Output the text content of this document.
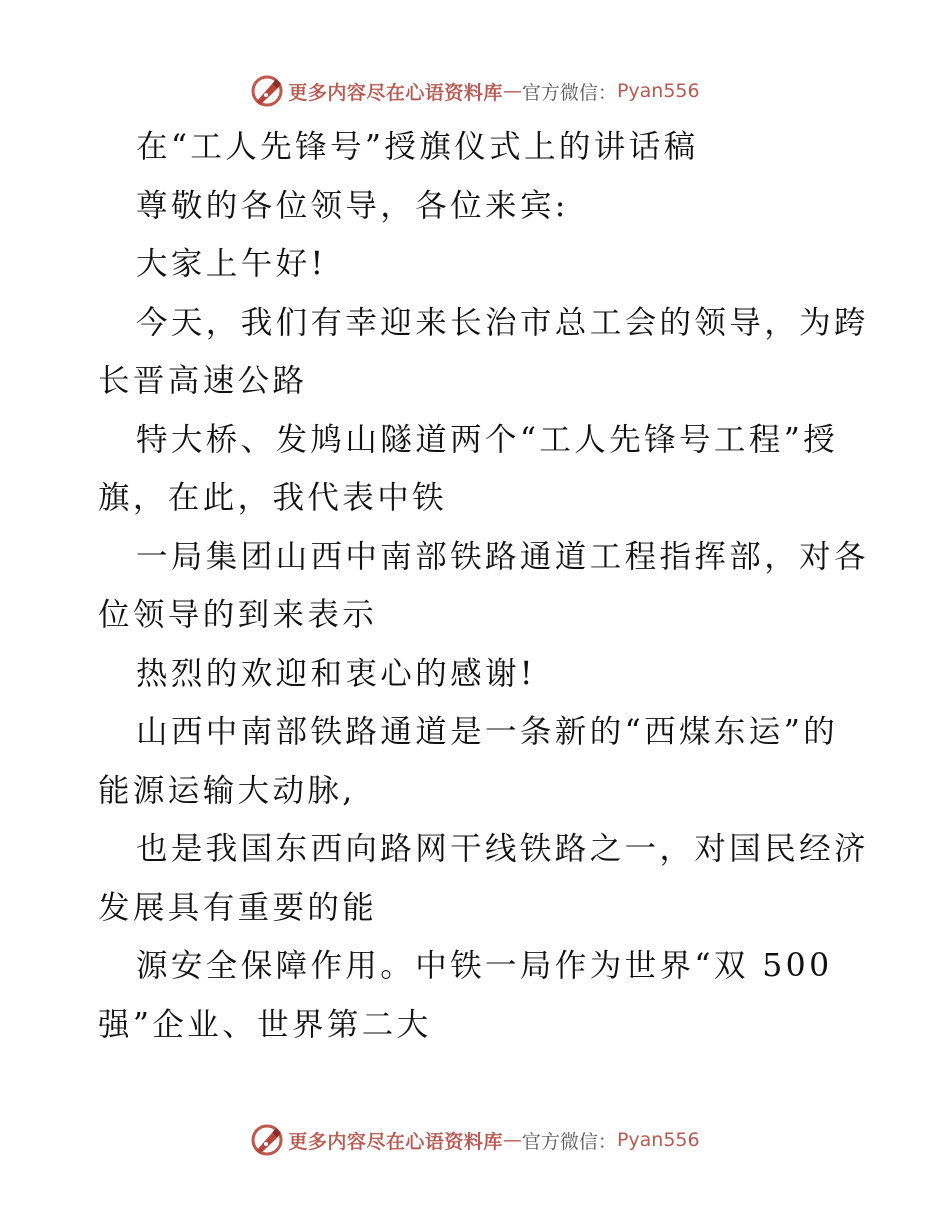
更多内容尽在心语资料库 — 官方微信： Pyan556
在“工人先锋号”授旗仪式上的讲话稿
尊敬的各位领导，各位来宾:
大家上午好!
今天，我们有幸迎来长治市总工会的领导，为跨
长晋高速公路
特大桥、发鸠山隧道两个“工人先锋号工程”授
旗，在此，我代表中铁
一局集团山西中南部铁路通道工程指挥部，对各
位领导的到来表示
热烈的欢迎和衷心的感谢!
山西中南部铁路通道是一条新的“西煤东运”的
能源运输大动脉,
也是我国东西向路网干线铁路之一，对国民经济
发展具有重要的能
源安全保障作用。中铁一局作为世界“双 500
强”企业、世界第二大
更多内容尽在心语资料库 — 官方微信： Pyan556
